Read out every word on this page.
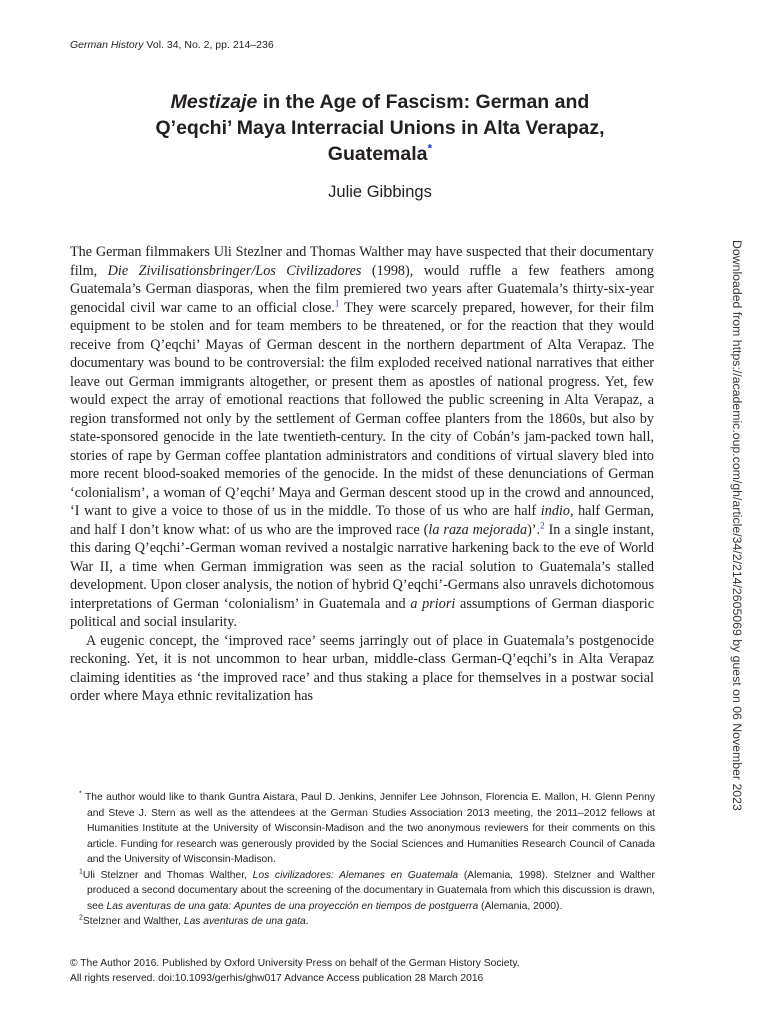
German History Vol. 34, No. 2, pp. 214–236
Mestizaje in the Age of Fascism: German and
Q’eqchi’ Maya Interracial Unions in Alta Verapaz,
Guatemala*
Julie Gibbings

The German filmmakers Uli Stezlner and Thomas Walther may have suspected that their documentary film, Die Zivilisationsbringer/Los Civilizadores (1998), would ruffle a few feathers among Guatemala’s German diasporas, when the film premiered two years after Guatemala’s thirty-six-year genocidal civil war came to an official close.$^1$ They were scarcely prepared, however, for their film equipment to be stolen and for team members to be threatened, or for the reaction that they would receive from Q’eqchi’ Mayas of German descent in the northern department of Alta Verapaz. The documentary was bound to be controversial: the film exploded received national narratives that either leave out German immigrants altogether, or present them as apostles of national progress. Yet, few would expect the array of emotional reactions that followed the public screening in Alta Verapaz, a region transformed not only by the settlement of German coffee planters from the 1860s, but also by state-sponsored genocide in the late twentieth-century. In the city of Cobán’s jam-packed town hall, stories of rape by German coffee plantation administrators and conditions of virtual slavery bled into more recent blood-soaked memories of the genocide. In the midst of these denunciations of German ‘colonialism’, a woman of Q’eqchi’ Maya and German descent stood up in the crowd and announced, ‘I want to give a voice to those of us in the middle. To those of us who are half indio, half German, and half I don’t know what: of us who are the improved race (la raza mejorada)’.$^2$ In a single instant, this daring Q’eqchi’-German woman revived a nostalgic narrative harkening back to the eve of World War II, a time when German immigration was seen as the racial solution to Guatemala’s stalled development. Upon closer analysis, the notion of hybrid Q’eqchi’-Germans also unravels dichotomous interpretations of German ‘colonialism’ in Guatemala and a priori assumptions of German diasporic political and social insularity.

A eugenic concept, the ‘improved race’ seems jarringly out of place in Guatemala’s postgenocide reckoning. Yet, it is not uncommon to hear urban, middle-class German-Q’eqchi’s in Alta Verapaz claiming identities as ‘the improved race’ and thus staking a place for themselves in a postwar social order where Maya ethnic revitalization has

* The author would like to thank Guntra Aistara, Paul D. Jenkins, Jennifer Lee Johnson, Florencia E. Mallon, H. Glenn Penny and Steve J. Stern as well as the attendees at the German Studies Association 2013 meeting, the 2011–2012 fellows at Humanities Institute at the University of Wisconsin-Madison and the two anonymous reviewers for their comments on this article. Funding for research was generously provided by the Social Sciences and Humanities Research Council of Canada and the University of Wisconsin-Madison.

$^1$Uli Stelzner and Thomas Walther, Los civilizadores: Alemanes en Guatemala (Alemania, 1998). Stelzner and Walther produced a second documentary about the screening of the documentary in Guatemala from which this discussion is drawn, see Las aventuras de una gata: Apuntes de una proyección en tiempos de postguerra (Alemania, 2000).

$^2$Stelzner and Walther, Las aventuras de una gata.

© The Author 2016. Published by Oxford University Press on behalf of the German History Society.
All rights reserved. doi:10.1093/gerhis/ghw017 Advance Access publication 28 March 2016
Downloaded from https://academic.oup.com/gh/article/34/2/214/2605069 by guest on 06 November 2023
